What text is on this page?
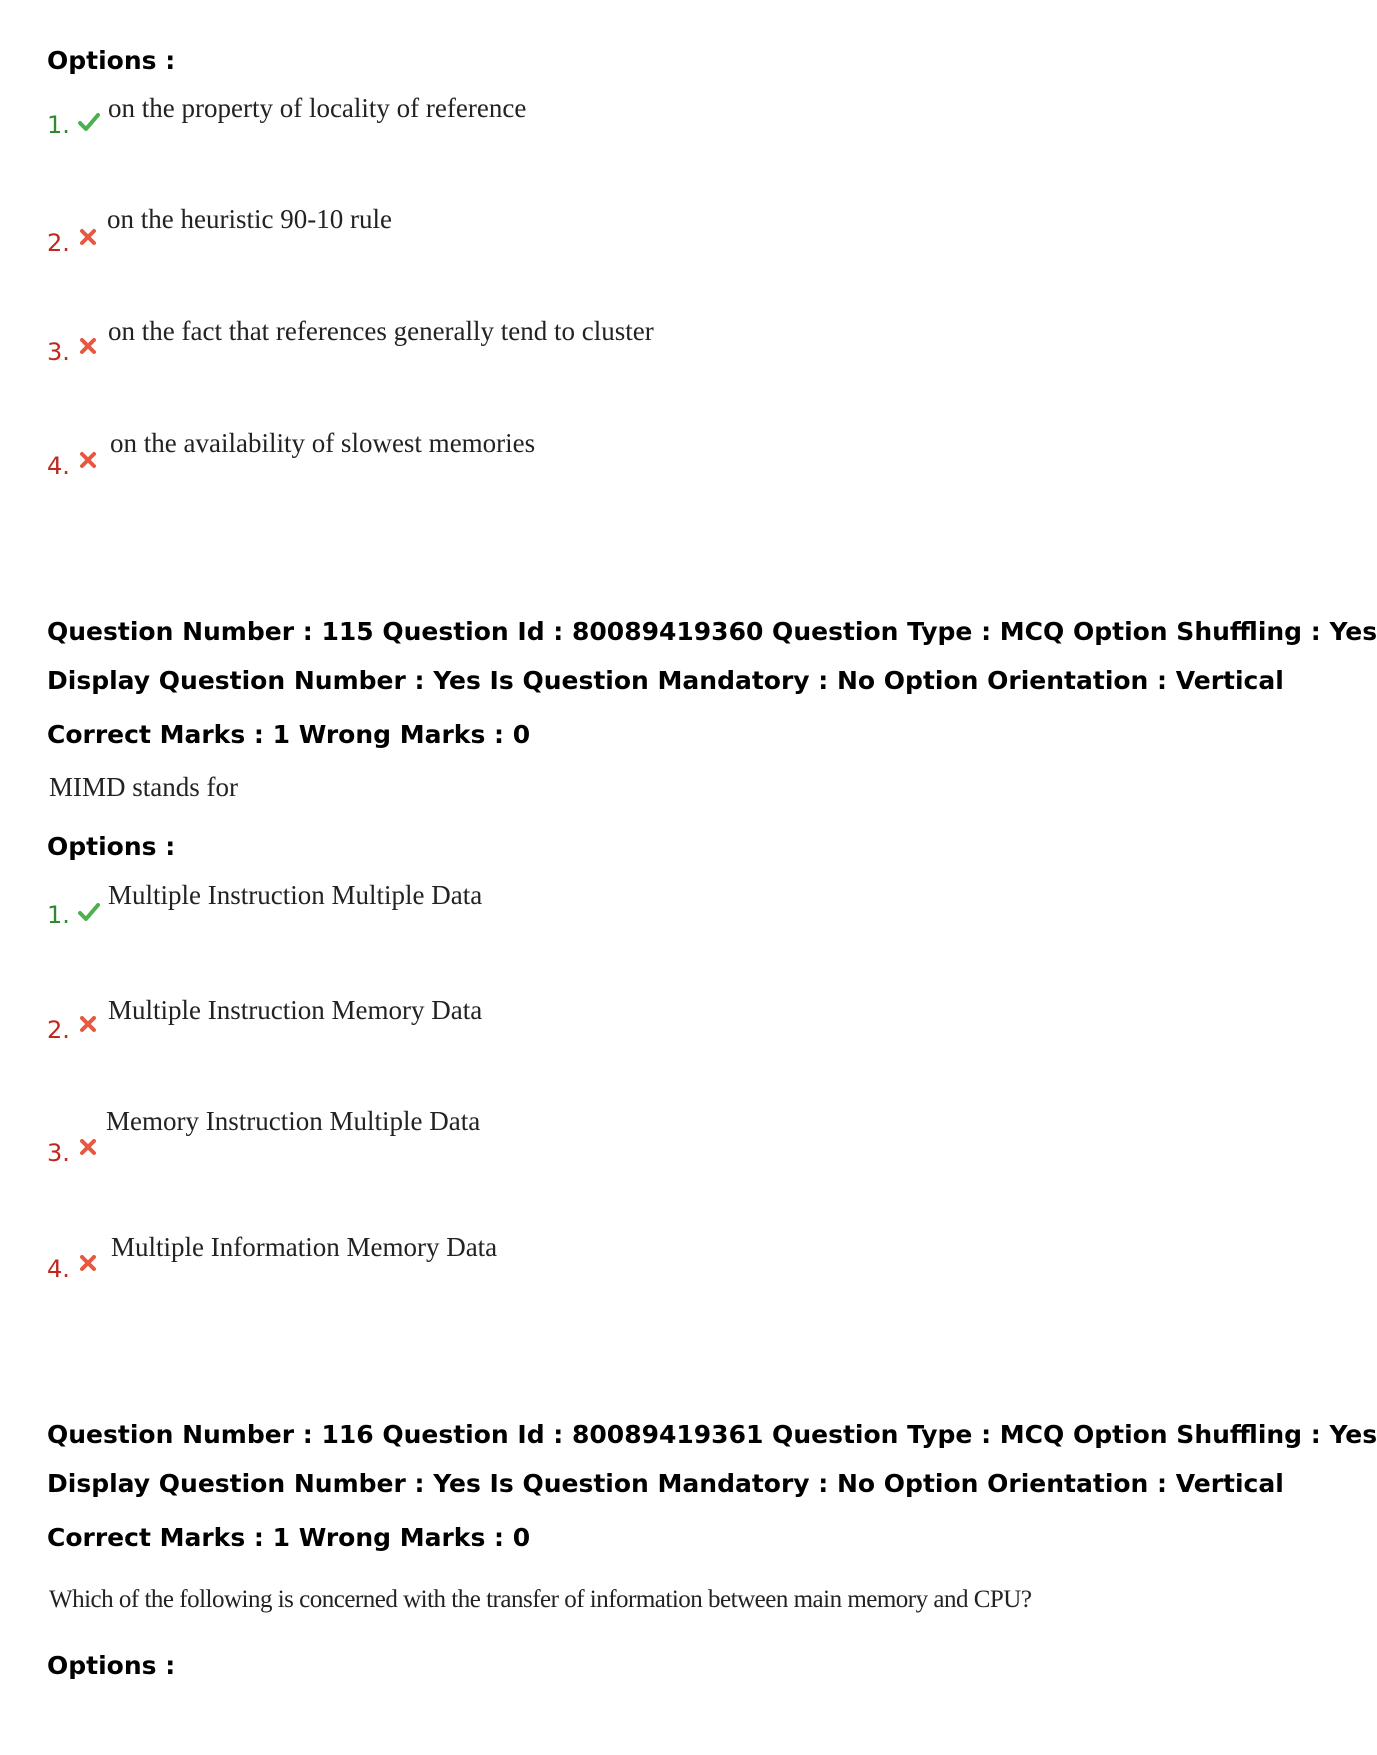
Options :
1.
on the property of locality of reference
2.
on the heuristic 90-10 rule
3.
on the fact that references generally tend to cluster
4.
on the availability of slowest memories
Question Number : 115 Question Id : 80089419360 Question Type : MCQ Option Shuffling : Yes
Display Question Number : Yes Is Question Mandatory : No Option Orientation : Vertical
Correct Marks : 1 Wrong Marks : 0
MIMD stands for
Options :
1.
Multiple Instruction Multiple Data
2.
Multiple Instruction Memory Data
3.
Memory Instruction Multiple Data
4.
Multiple Information Memory Data
Question Number : 116 Question Id : 80089419361 Question Type : MCQ Option Shuffling : Yes
Display Question Number : Yes Is Question Mandatory : No Option Orientation : Vertical
Correct Marks : 1 Wrong Marks : 0
Which of the following is concerned with the transfer of information between main memory and CPU?
Options :
